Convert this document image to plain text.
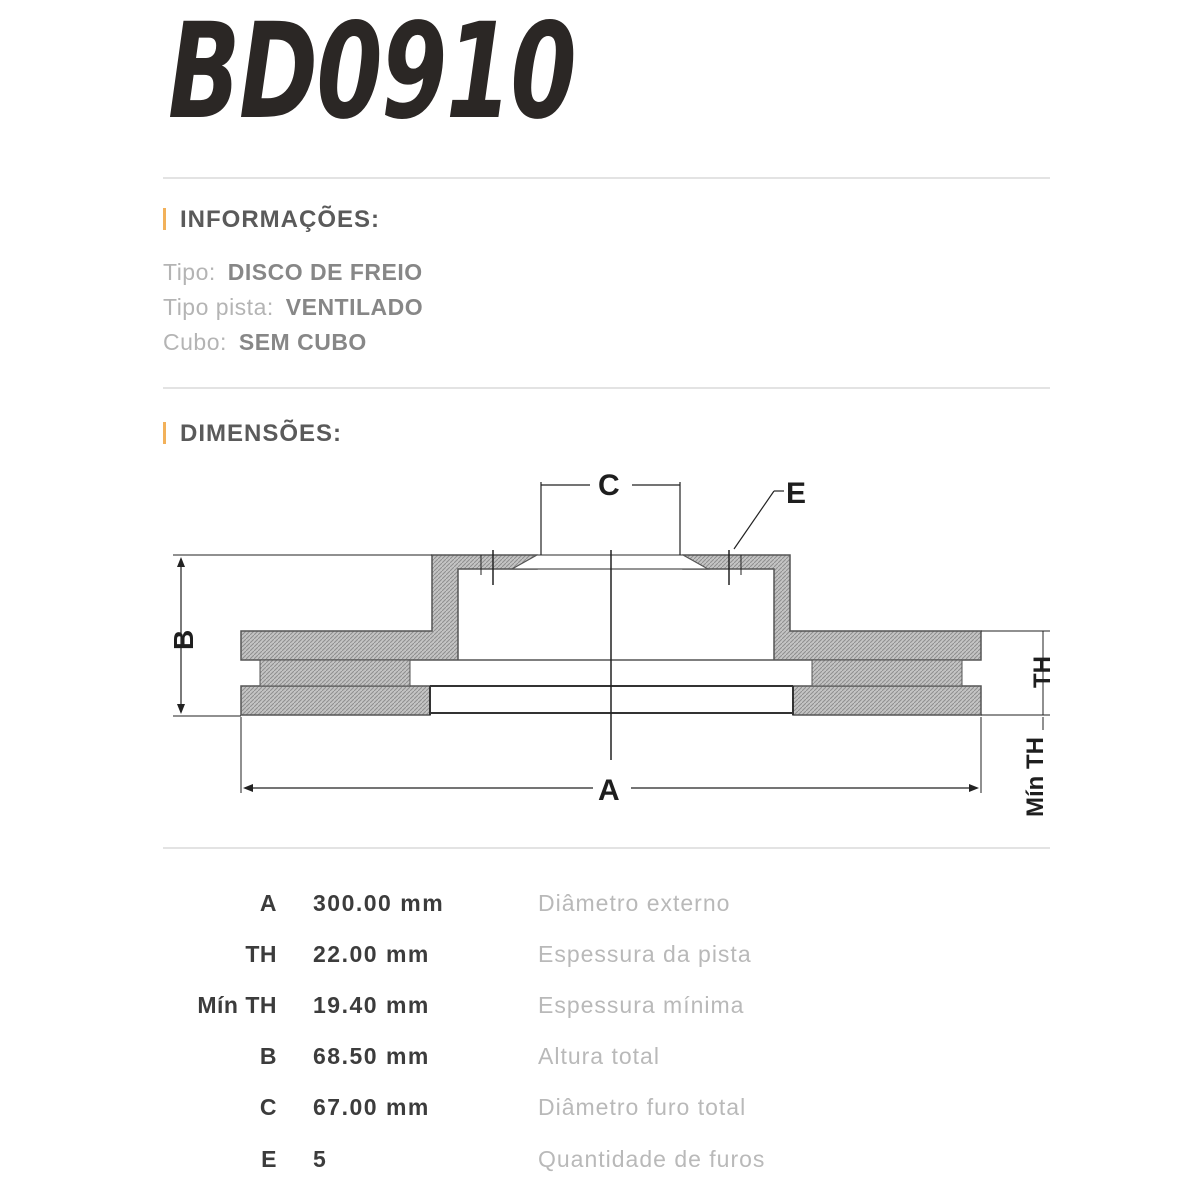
BD0910
INFORMAÇÕES:
Tipo: DISCO DE FREIO
Tipo pista: VENTILADO
Cubo: SEM CUBO
DIMENSÕES:
C	E
B
A
TH
Mín TH
A 300.00 mm	Diâmetro externo
TH 22.00 mm	Espessura da pista
Mín TH 19.40 mm	Espessura mínima
B 68.50 mm	Altura total
C 67.00 mm	Diâmetro furo total
E 5	Quantidade de furos
